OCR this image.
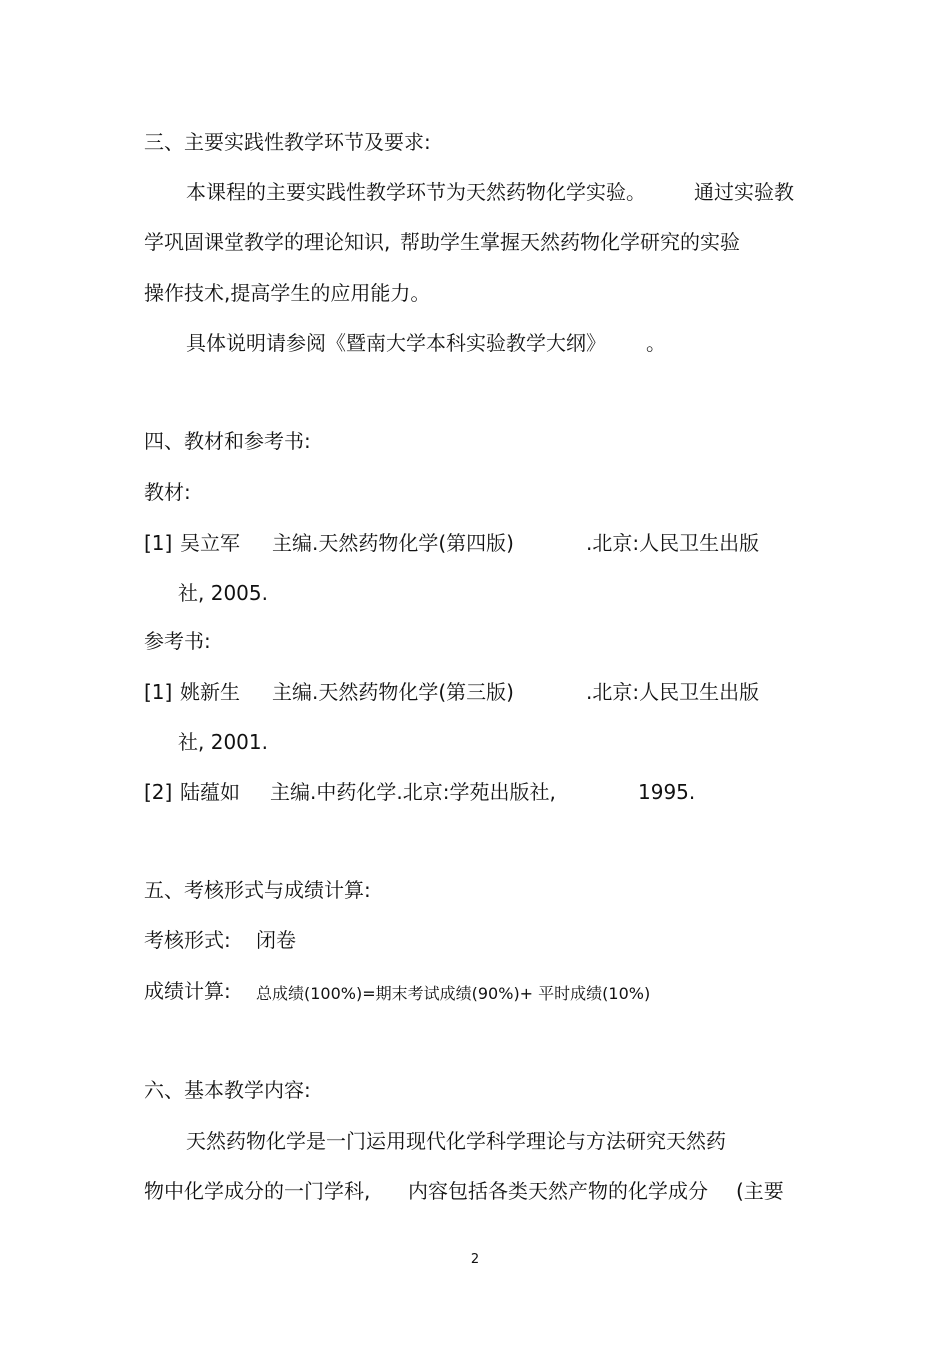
三、主要实践性教学环节及要求:

本课程的主要实践性教学环节为天然药物化学实验。 通过实验教

学巩固课堂教学的理论知识, 帮助学生掌握天然药物化学研究的实验

操作技术,提高学生的应用能力。

具体说明请参阅《暨南大学本科实验教学大纲》 。

四、教材和参考书:

教材:

[1] 吴立军 主编.天然药物化学(第四版)	.北京:人民卫生出版

社, 2005.

参考书:

[1] 姚新生 主编.天然药物化学(第三版)	.北京:人民卫生出版

社, 2001.

[2] 陆蕴如 主编.中药化学.北京:学苑出版社,	1995.

五、考核形式与成绩计算:

考核形式: 闭卷

成绩计算: 总成绩(100%)=期末考试成绩(90%)+ 平时成绩(10%)

六、基本教学内容:

天然药物化学是一门运用现代化学科学理论与方法研究天然药

物中化学成分的一门学科, 内容包括各类天然产物的化学成分 (主要

2
